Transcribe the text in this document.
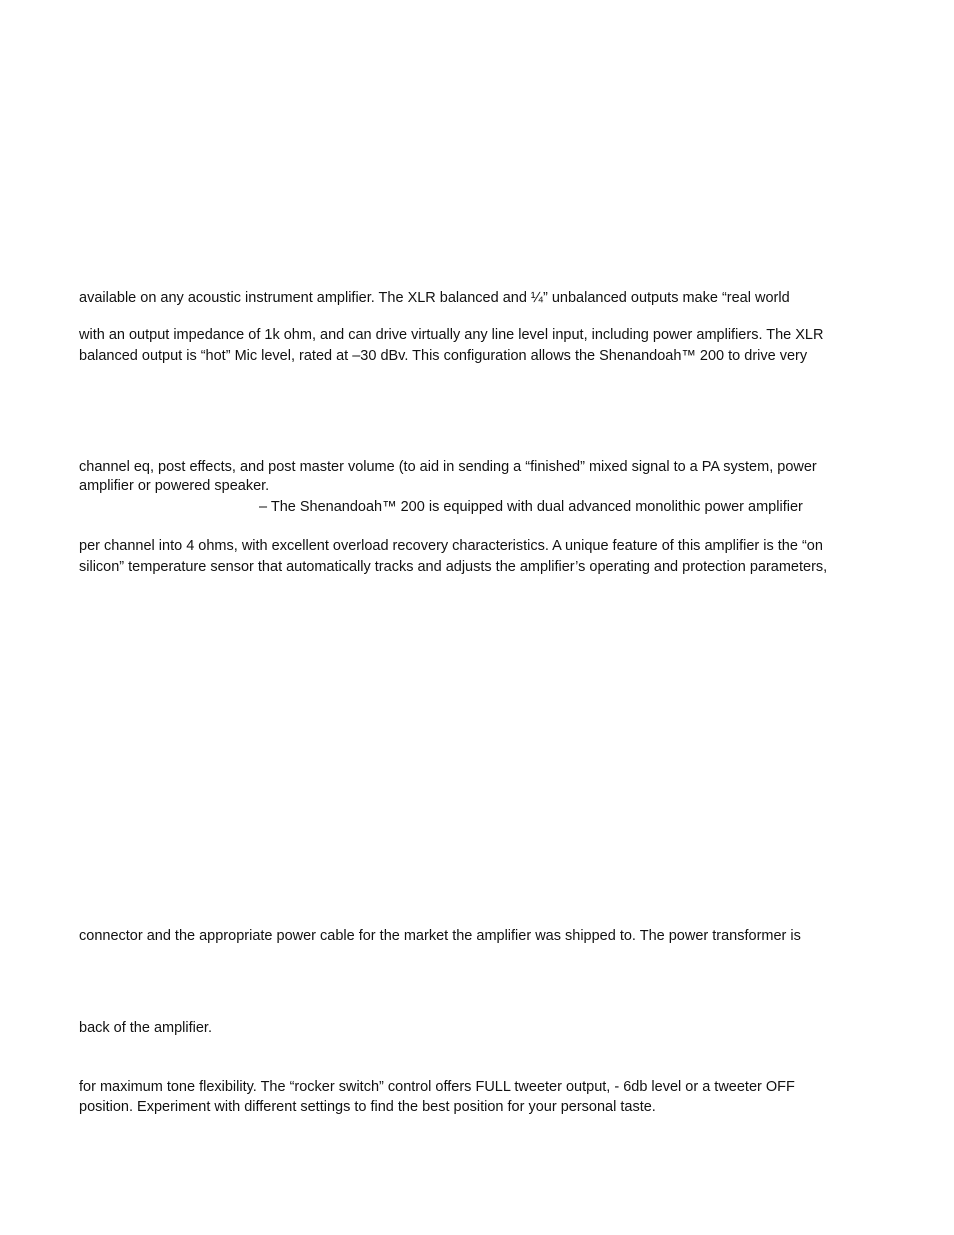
available on any acoustic instrument amplifier. The XLR balanced and ¼” unbalanced outputs make “real world
with an output impedance of 1k ohm, and can drive virtually any line level input, including power amplifiers. The XLR
balanced output is “hot” Mic level, rated at –30 dBv. This configuration allows the Shenandoah™ 200 to drive very
channel eq, post effects, and post master volume (to aid in sending a “finished” mixed signal to a PA system, power
amplifier or powered speaker.
– The Shenandoah™ 200 is equipped with dual advanced monolithic power amplifier
per channel into 4 ohms, with excellent overload recovery characteristics. A unique feature of this amplifier is the “on
silicon” temperature sensor that automatically tracks and adjusts the amplifier’s operating and protection parameters,
connector and the appropriate power cable for the market the amplifier was shipped to. The power transformer is
back of the amplifier.
for maximum tone flexibility. The “rocker switch” control offers FULL tweeter output, - 6db level or a tweeter OFF
position. Experiment with different settings to find the best position for your personal taste.
